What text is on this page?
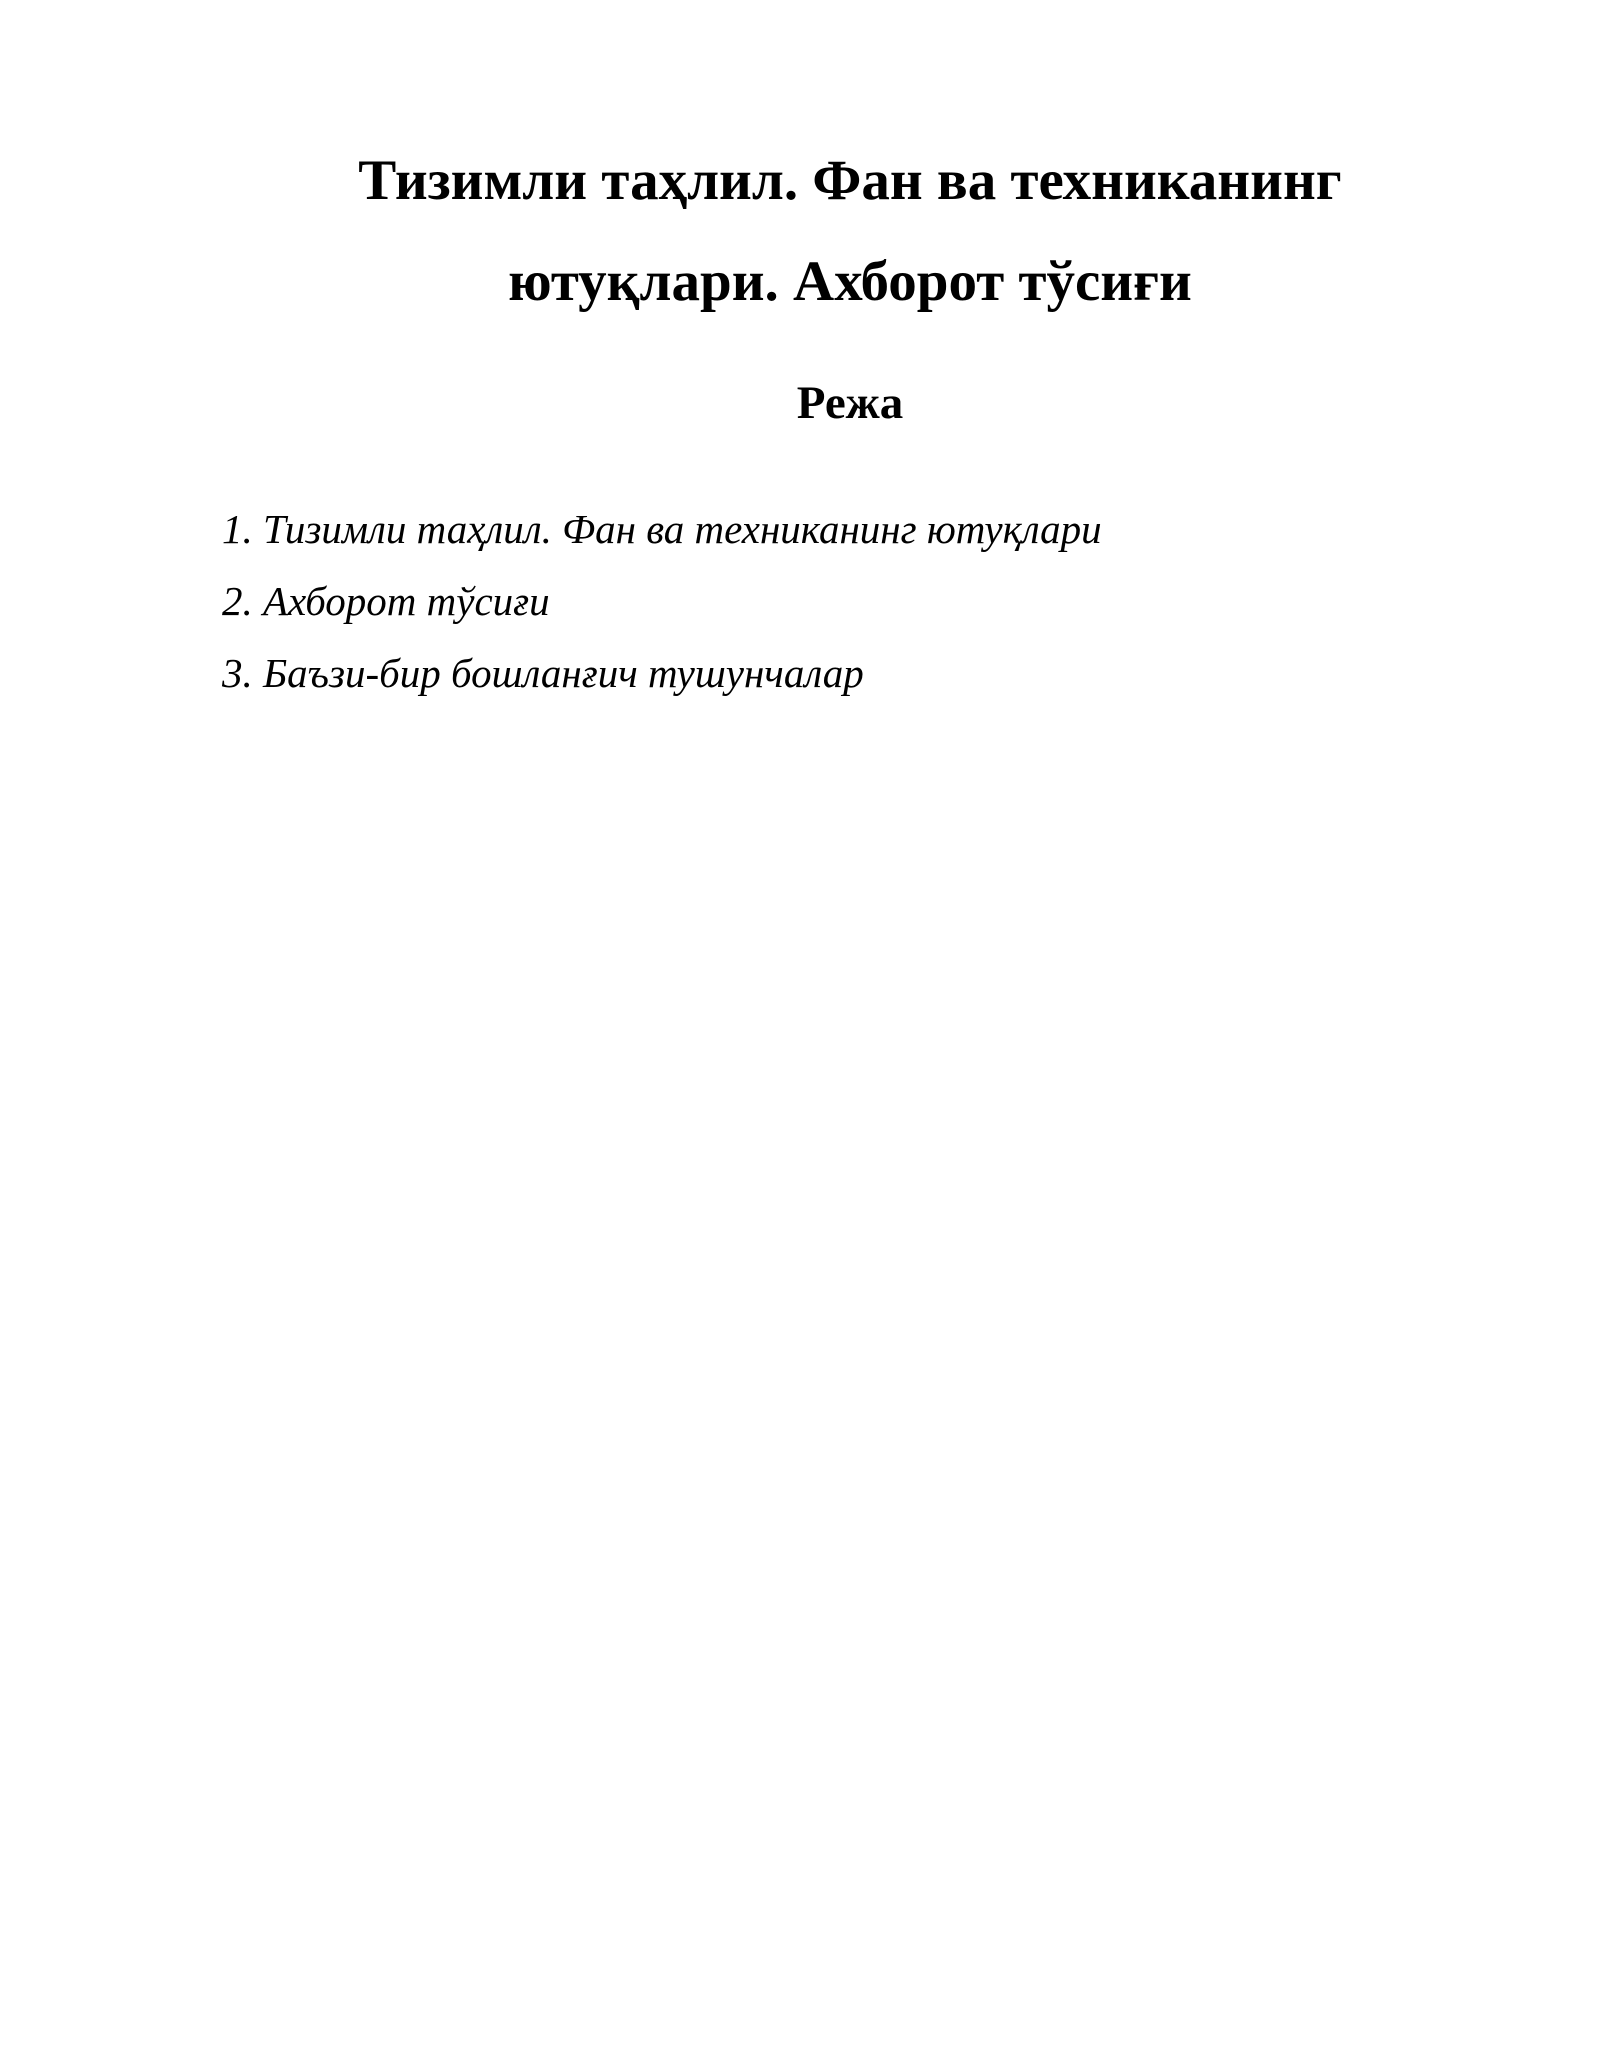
Тизимли таҳлил. Фан ва техниканинг
ютуқлари. Ахборот тўсиғи
Режа
1. Тизимли таҳлил. Фан ва техниканинг ютуқлари
2. Ахборот тўсиғи
3. Баъзи-бир бошланғич тушунчалар
